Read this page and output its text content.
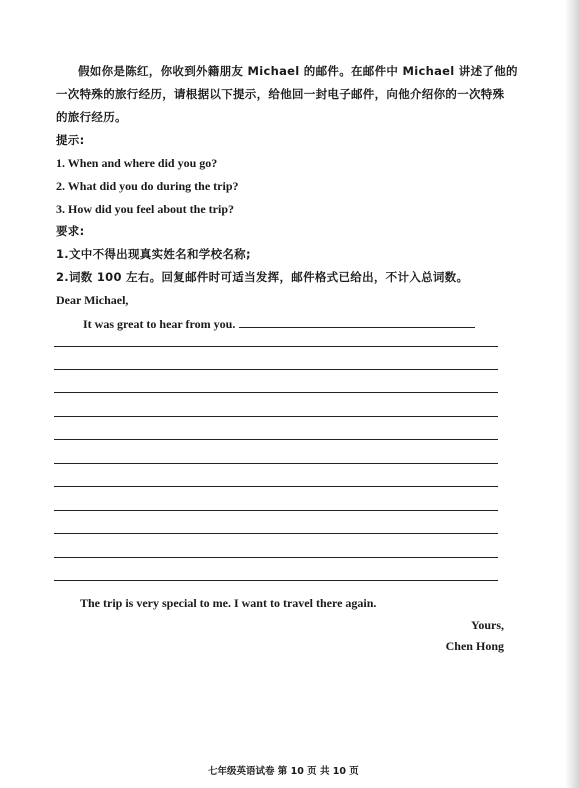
假如你是陈红，你收到外籍朋友 Michael 的邮件。在邮件中 Michael 讲述了他的
一次特殊的旅行经历，请根据以下提示，给他回一封电子邮件，向他介绍你的一次特殊
的旅行经历。
提示:
1. When and where did you go?
2. What did you do during the trip?
3. How did you feel about the trip?
要求:
1.文中不得出现真实姓名和学校名称;
2.词数 100 左右。回复邮件时可适当发挥，邮件格式已给出，不计入总词数。
Dear Michael,
It was great to hear from you.
The trip is very special to me. I want to travel there again.
Yours,
Chen Hong
七年级英语试卷 第 10 页 共 10 页
